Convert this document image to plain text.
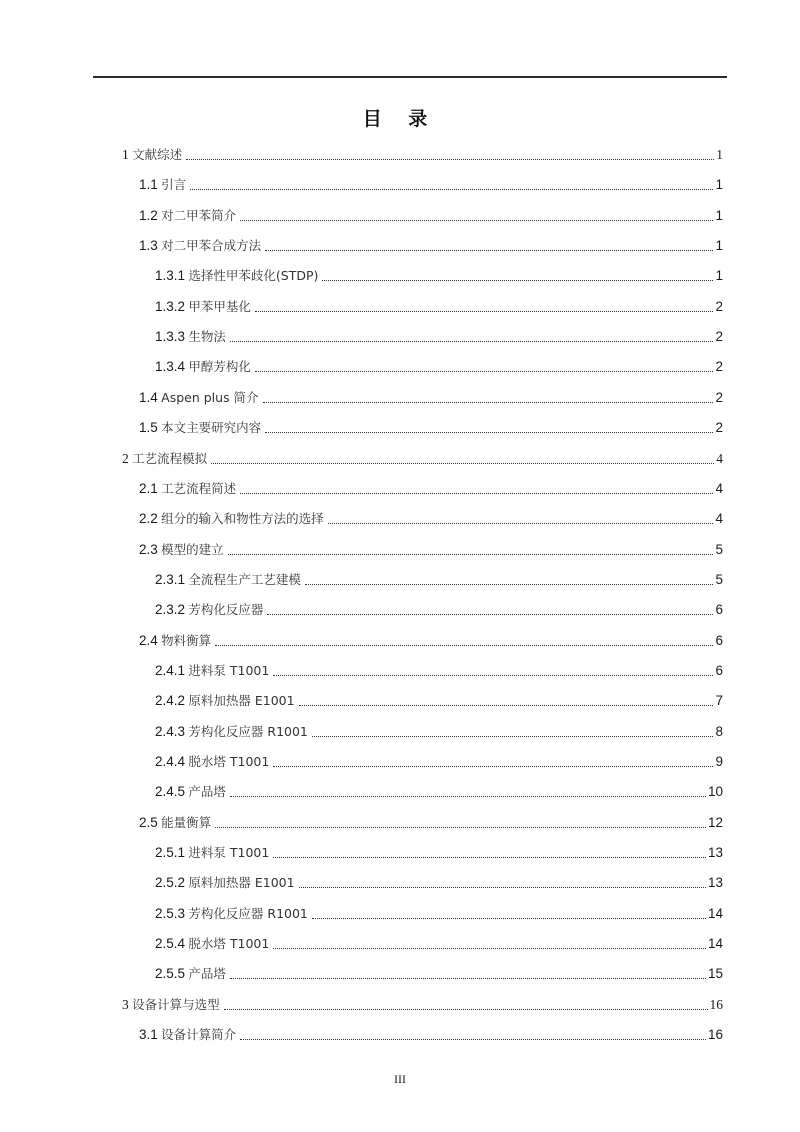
目 录
1 文献综述	1
1.1 引言	1
1.2 对二甲苯简介	1
1.3 对二甲苯合成方法	1
1.3.1 选择性甲苯歧化(STDP)	1
1.3.2 甲苯甲基化	2
1.3.3 生物法	2
1.3.4 甲醇芳构化	2
1.4 Aspen plus 简介	2
1.5 本文主要研究内容	2
2 工艺流程模拟	4
2.1 工艺流程简述	4
2.2 组分的输入和物性方法的选择	4
2.3 模型的建立	5
2.3.1 全流程生产工艺建模	5
2.3.2 芳构化反应器	6
2.4 物料衡算	6
2.4.1 进料泵 T1001	6
2.4.2 原料加热器 E1001	7
2.4.3 芳构化反应器 R1001	8
2.4.4 脱水塔 T1001	9
2.4.5 产品塔	10
2.5 能量衡算	12
2.5.1 进料泵 T1001	13
2.5.2 原料加热器 E1001	13
2.5.3 芳构化反应器 R1001	14
2.5.4 脱水塔 T1001	14
2.5.5 产品塔	15
3 设备计算与选型	16
3.1 设备计算简介	16
III
